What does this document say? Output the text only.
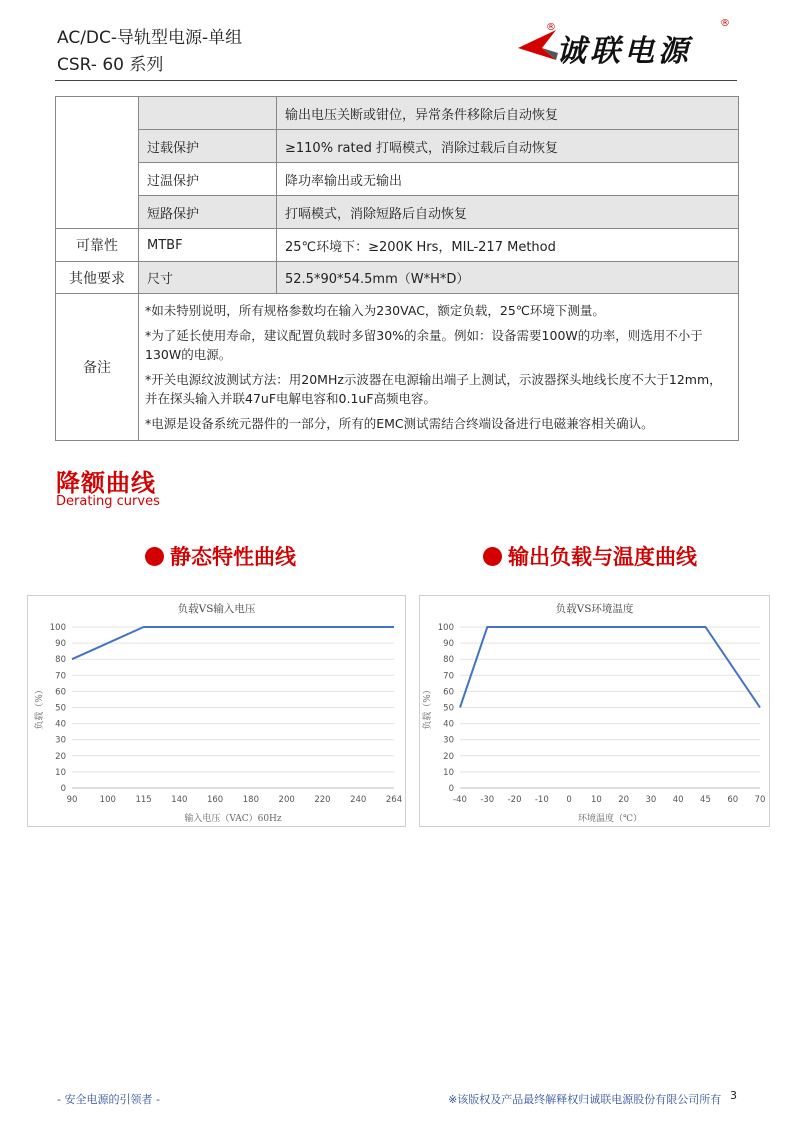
AC/DC-导轨型电源-单组
CSR- 60 系列
®
诚联电源
®
		输出电压关断或钳位，异常条件移除后自动恢复
	过载保护	≥110% rated 打嗝模式，消除过载后自动恢复
	过温保护	降功率输出或无输出
	短路保护	打嗝模式，消除短路后自动恢复
可靠性	MTBF	25℃环境下：≥200K Hrs，MIL-217 Method
其他要求	尺寸	52.5*90*54.5mm（W*H*D）
备注	*如未特别说明，所有规格参数均在输入为230VAC，额定负载，25℃环境下测量。
*为了延长使用寿命，建议配置负载时多留30%的余量。例如：设备需要100W的功率，则选用不小于130W的电源。
*开关电源纹波测试方法：用20MHz示波器在电源输出端子上测试，示波器探头地线长度不大于12mm，并在探头输入并联47uF电解电容和0.1uF高频电容。
*电源是设备系统元器件的一部分，所有的EMC测试需结合终端设备进行电磁兼容相关确认。	
降额曲线
Derating curves
静态特性曲线	输出负载与温度曲线
负载VS输入电压
0
10
20
30
40
50
60
70
80
90
100
90	100 115 140 160 180 200 220 240 264
输入电压（VAC）60Hz
负载（%）
负载VS环境温度
0
10
20
30
40
50
60
70
80
90
100
-40 -30 -20 -10 0 10 20 30 40 45 60 70
环境温度（℃）
负载（%）
- 安全电源的引领者 -	※该版权及产品最终解释权归诚联电源股份有限公司所有 3
